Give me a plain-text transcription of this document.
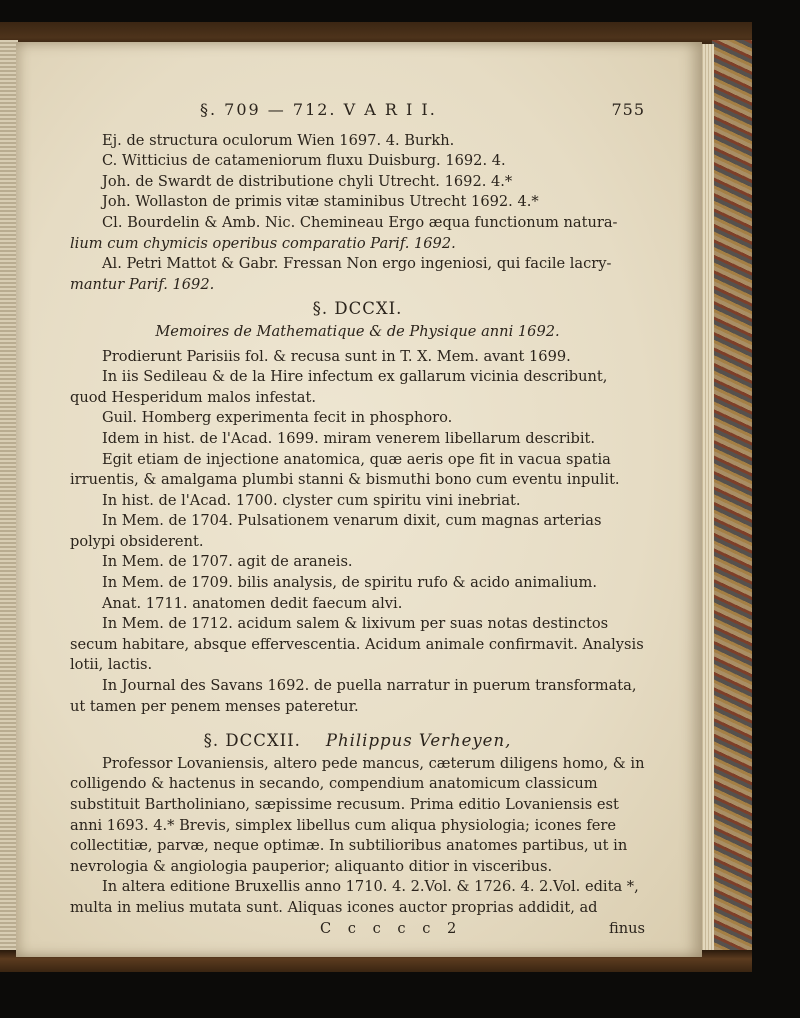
§. 709 — 712. V A R I I.	755

Ej. de structura oculorum Wien 1697. 4. Burkh.

C. Witticius de catameniorum fluxu Duisburg. 1692. 4.

Joh. de Swardt de distributione chyli Utrecht. 1692. 4.*

Joh. Wollaston de primis vitæ staminibus Utrecht 1692. 4.*

Cl. Bourdelin & Amb. Nic. Chemineau Ergo æqua functionum natura-

lium cum chymicis operibus comparatio Parif. 1692.

Al. Petri Mattot & Gabr. Fressan Non ergo ingeniosi, qui facile lacry-

mantur Parif. 1692.

§. DCCXI.

Memoires de Mathematique & de Physique anni 1692.

Prodierunt Parisiis fol. & recusa sunt in T. X. Mem. avant 1699.

In iis Sedileau & de la Hire infectum ex gallarum vicinia describunt, quod Hesperidum malos infestat.

Guil. Homberg experimenta fecit in phosphoro.

Idem in hist. de l'Acad. 1699. miram venerem libellarum describit.

Egit etiam de injectione anatomica, quæ aeris ope fit in vacua spatia irruentis, & amalgama plumbi stanni & bismuthi bono cum eventu inpulit.

In hist. de l'Acad. 1700. clyster cum spiritu vini inebriat.

In Mem. de 1704. Pulsationem venarum dixit, cum magnas arterias polypi obsiderent.

In Mem. de 1707. agit de araneis.

In Mem. de 1709. bilis analysis, de spiritu rufo & acido animalium.

Anat. 1711. anatomen dedit faecum alvi.

In Mem. de 1712. acidum salem & lixivum per suas notas destinctos secum habitare, absque effervescentia. Acidum animale confirmavit. Analysis lotii, lactis.

In Journal des Savans 1692. de puella narratur in puerum transformata, ut tamen per penem menses pateretur.

§. DCCXII. Philippus Verheyen,

Professor Lovaniensis, altero pede mancus, cæterum diligens homo, & in colligendo & hactenus in secando, compendium anatomicum classicum substituit Bartholiniano, sæpissime recusum. Prima editio Lovaniensis est anni 1693. 4.* Brevis, simplex libellus cum aliqua physiologia; icones fere collectitiæ, parvæ, neque optimæ. In subtilioribus anatomes partibus, ut in nevrologia & angiologia pauperior; aliquanto ditior in visceribus.

In altera editione Bruxellis anno 1710. 4. 2.Vol. & 1726. 4. 2.Vol. edita *, multa in melius mutata sunt. Aliquas icones auctor proprias addidit, ad

C c c c c 2	finus
